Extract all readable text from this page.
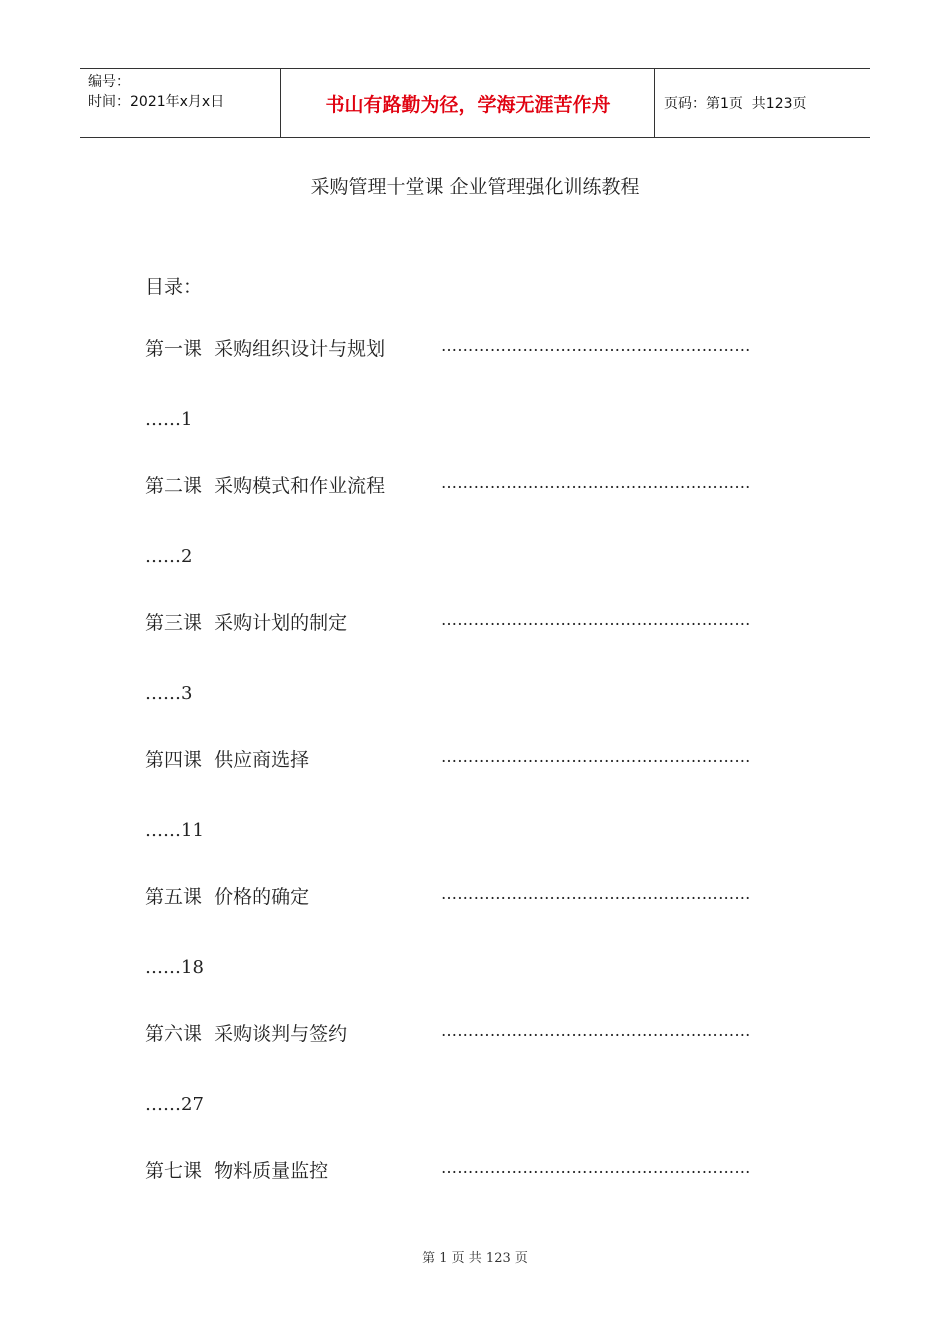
编号：
时间：2021年x月x日	书山有路勤为径，学海无涯苦作舟	页码：第1页  共123页
采购管理十堂课 企业管理强化训练教程
目录：
第一课  采购组织设计与规划	…………………………………………………
……1
第二课  采购模式和作业流程	…………………………………………………
……2
第三课  采购计划的制定	…………………………………………………
……3
第四课  供应商选择	…………………………………………………
……11
第五课  价格的确定	…………………………………………………
……18
第六课  采购谈判与签约	…………………………………………………
……27
第七课  物料质量监控	…………………………………………………
第 1 页 共 123 页
